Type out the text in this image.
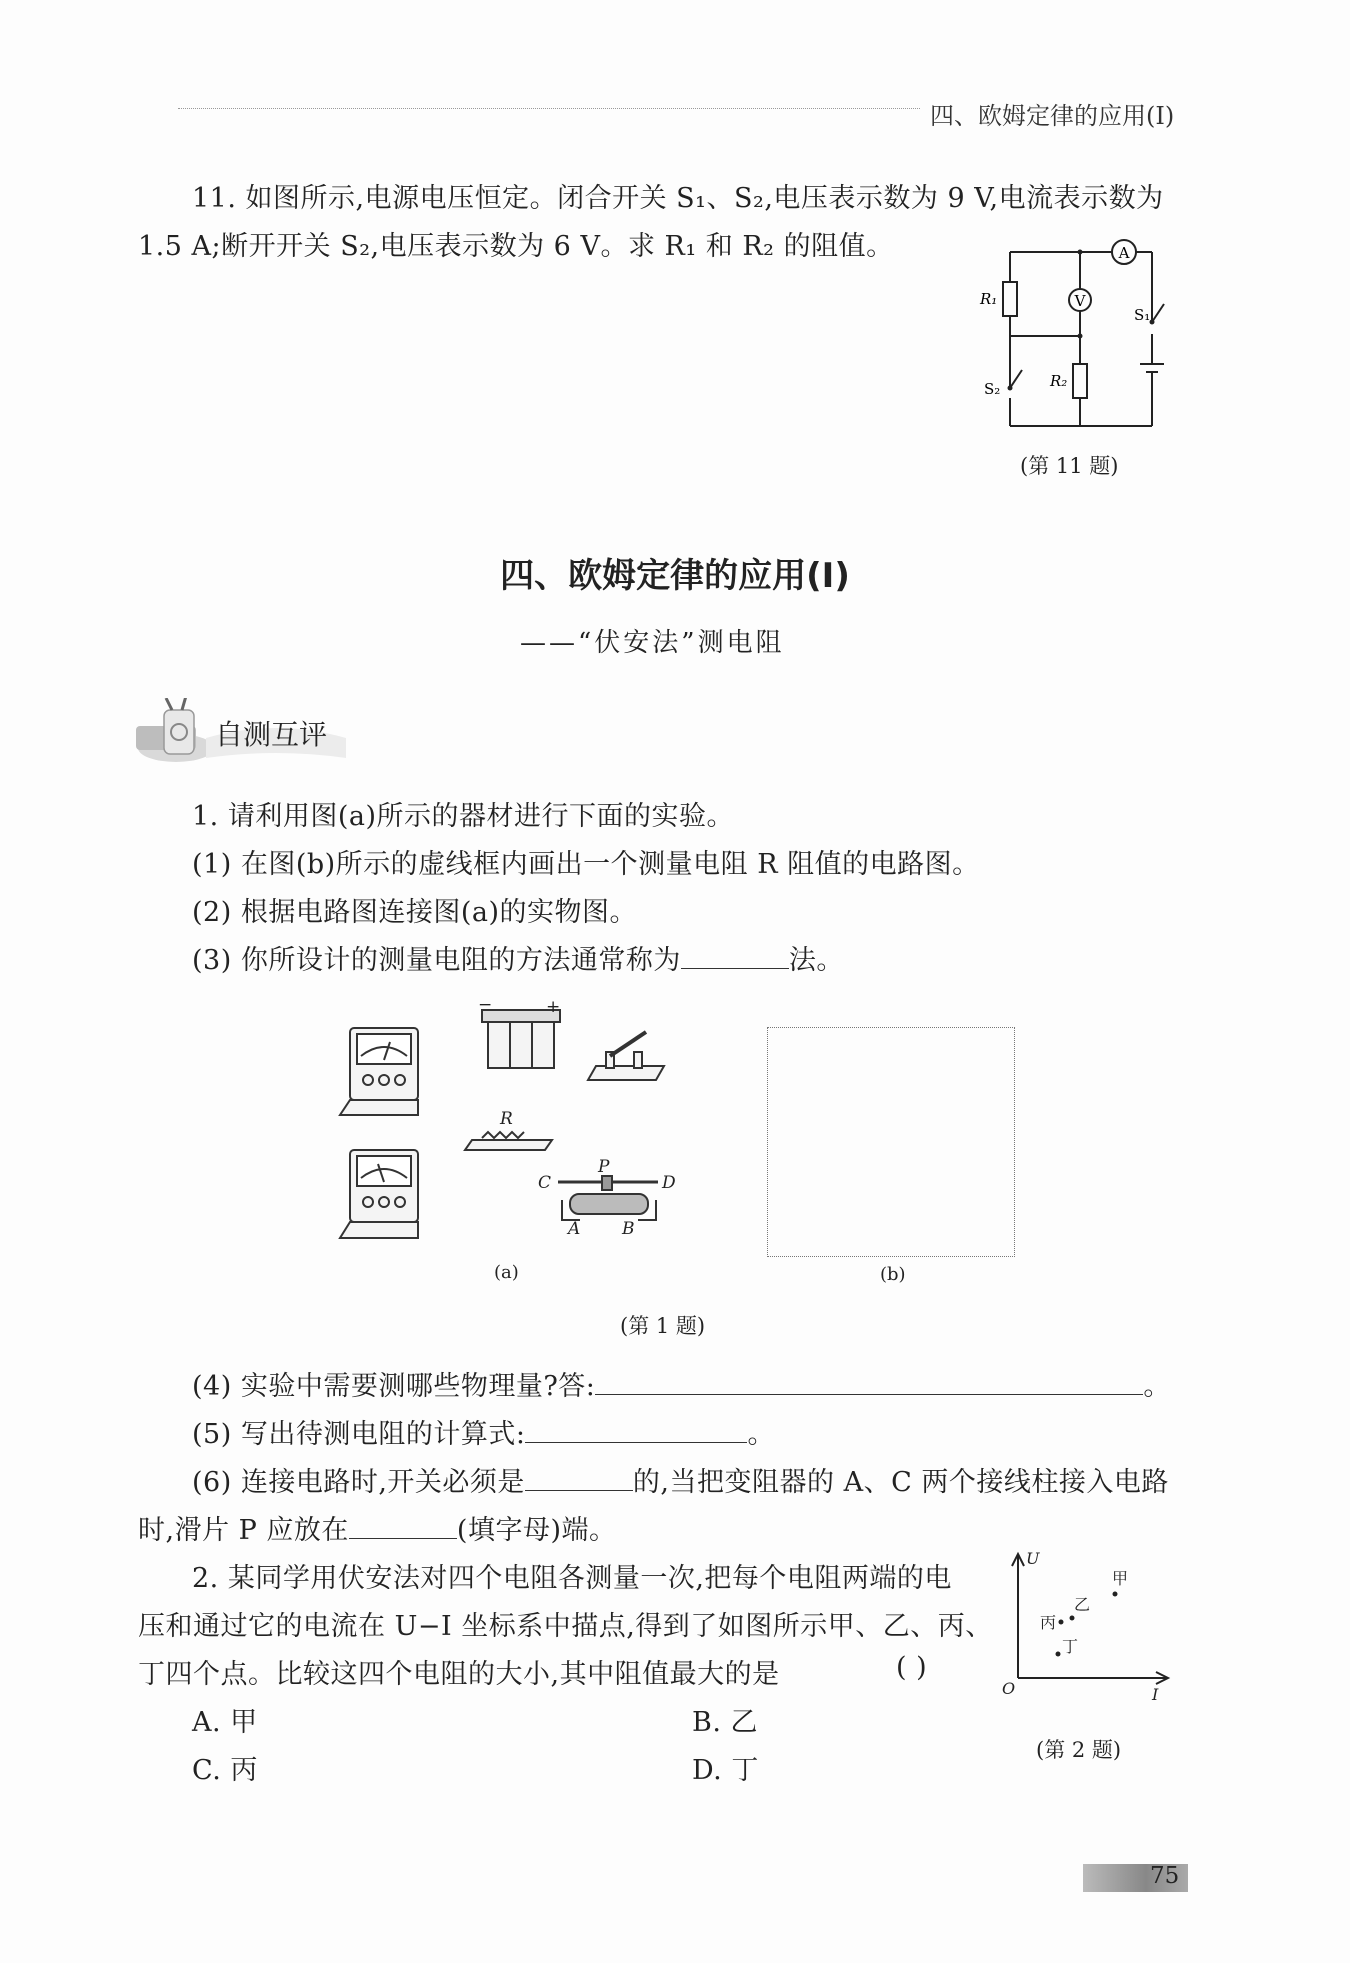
四、欧姆定律的应用(Ⅰ)
11. 如图所示,电源电压恒定。闭合开关 S₁、S₂,电压表示数为 9 V,电流表示数为
1.5 A;断开开关 S₂,电压表示数为 6 V。求 R₁ 和 R₂ 的阻值。	A
V
R₁
R₂
S₁
S₂
(第 11 题)
四、欧姆定律的应用(Ⅰ)
——“伏安法”测电阻
自测互评
1. 请利用图(a)所示的器材进行下面的实验。
(1) 在图(b)所示的虚线框内画出一个测量电阻 R 阻值的电路图。
(2) 根据电路图连接图(a)的实物图。
(3) 你所设计的测量电阻的方法通常称为	法。
−	+
R
P
C	D
A B
(a)	(b)
(第 1 题)
(4) 实验中需要测哪些物理量?答:	。
(5) 写出待测电阻的计算式:	。
(6) 连接电路时,开关必须是	的,当把变阻器的 A、C 两个接线柱接入电路
时,滑片 P 应放在	(填字母)端。
2. 某同学用伏安法对四个电阻各测量一次,把每个电阻两端的电
压和通过它的电流在 U−I 坐标系中描点,得到了如图所示甲、乙、丙、
丁四个点。比较这四个电阻的大小,其中阻值最大的是	( )
A. 甲	B. 乙
C. 丙	D. 丁
U
I
O
甲
乙
丙
丁
(第 2 题)
75
